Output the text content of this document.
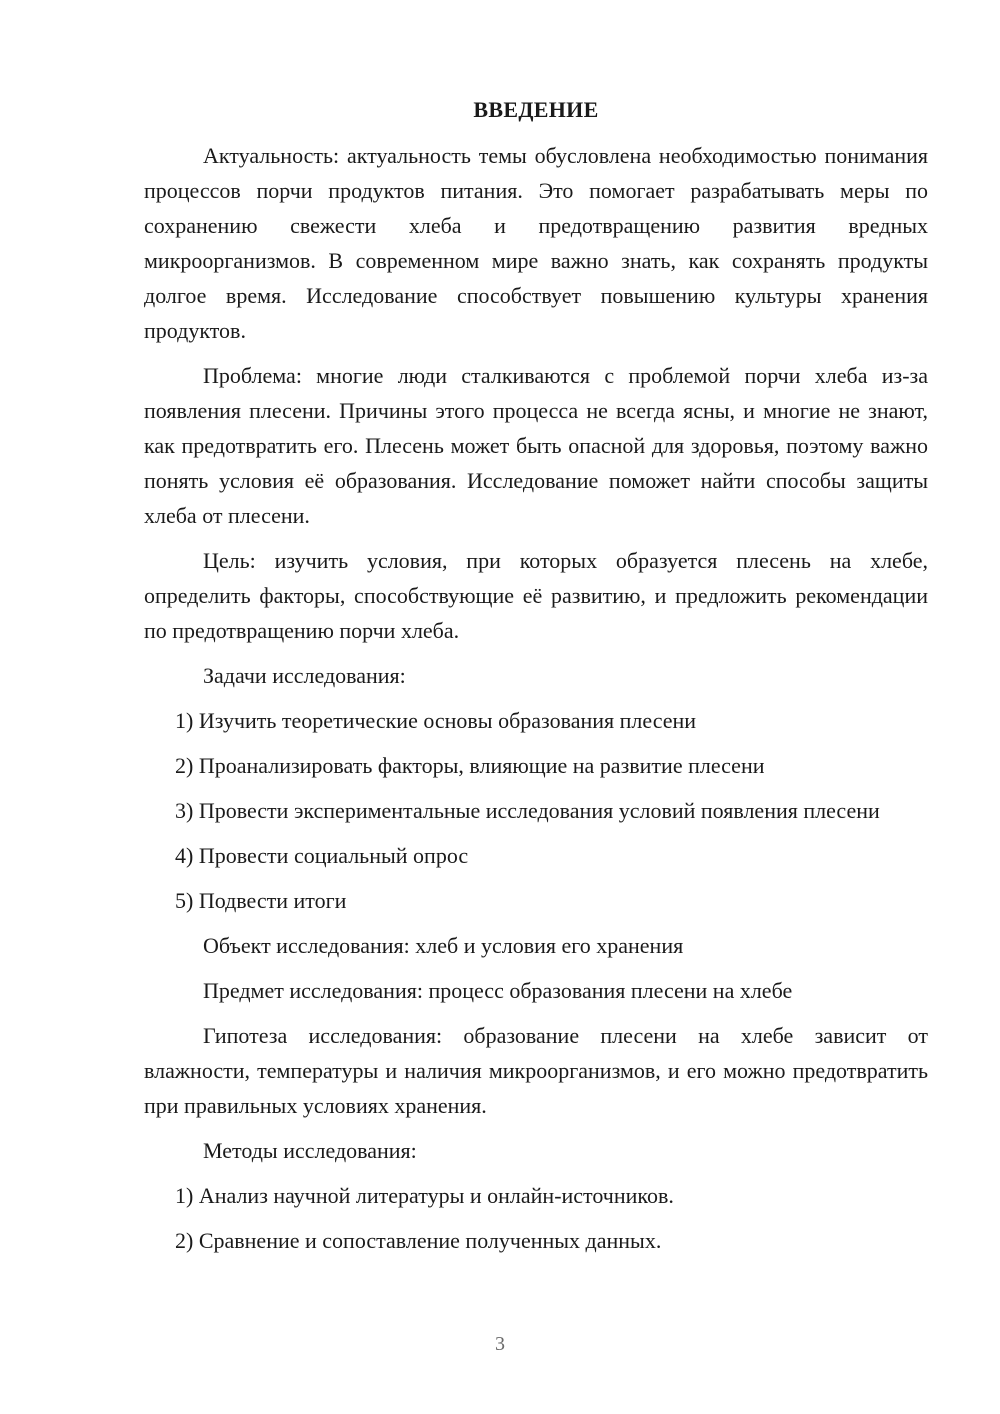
ВВЕДЕНИЕ

Актуальность: актуальность темы обусловлена необходимостью понимания процессов порчи продуктов питания. Это помогает разрабатывать меры по сохранению свежести хлеба и предотвращению развития вредных микроорганизмов. В современном мире важно знать, как сохранять продукты долгое время. Исследование способствует повышению культуры хранения продуктов.

Проблема: многие люди сталкиваются с проблемой порчи хлеба из-за появления плесени. Причины этого процесса не всегда ясны, и многие не знают, как предотвратить его. Плесень может быть опасной для здоровья, поэтому важно понять условия её образования. Исследование поможет найти способы защиты хлеба от плесени.

Цель: изучить условия, при которых образуется плесень на хлебе, определить факторы, способствующие её развитию, и предложить рекомендации по предотвращению порчи хлеба.

Задачи исследования:

1) Изучить теоретические основы образования плесени

2) Проанализировать факторы, влияющие на развитие плесени

3) Провести экспериментальные исследования условий появления плесени

4) Провести социальный опрос

5) Подвести итоги

Объект исследования: хлеб и условия его хранения

Предмет исследования: процесс образования плесени на хлебе

Гипотеза исследования: образование плесени на хлебе зависит от влажности, температуры и наличия микроорганизмов, и его можно предотвратить при правильных условиях хранения.

Методы исследования:

1) Анализ научной литературы и онлайн-источников.

2) Сравнение и сопоставление полученных данных.

3
